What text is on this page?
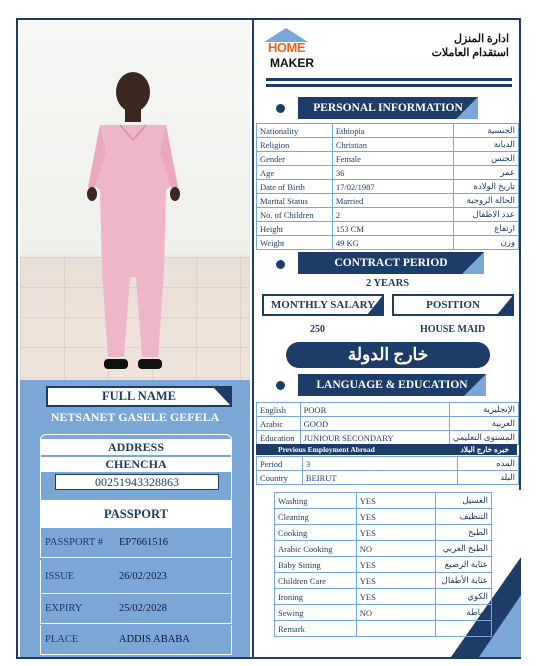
FULL NAME
NETSANET GASELE GEFELA
ADDRESS
CHENCHA
00251943328863
PASSPORT
PASSPORT # EP7661516
ISSUE	26/02/2023
EXPIRY	25/02/2028
PLACE	ADDIS ABABA
HOME
MAKER
ادارة المنزل
استقدام العاملات
PERSONAL INFORMATION
Nationality	Ethiopia	الجنسية
Religion	Christian	الديانة
Gender	Female	الجنس
Age	36	عمر
Date of Birth	17/02/1987	تاريخ الولادة
Marital Status	Married	الحالة الزوجية
No. of Children	2	عدد الاطفال
Height	153 CM	ارتفاع
Weight	49 KG	وزن
CONTRACT PERIOD
2 YEARS
MONTHLY SALARY	POSITION
250	HOUSE MAID
خارج الدولة
LANGUAGE & EDUCATION
English	POOR	الإنجليزية
Arabic	GOOD	العربية
Education	JUNIOUR SECONDARY	المستوى التعليمي
Previous Employment Abroad	خبره خارج البلاد
Period	3	المده
Country	BEIRUT	البلد
Washing	YES	الغسيل
Cleaning	YES	التنظيف
Cooking	YES	الطبخ
Arabic Cooking	NO	الطبخ العربي
Baby Sitting	YES	عناية الرضيع
Children Care	YES	عناية الأطفال
Ironing	YES	الكوي
Sewing	NO	خياطة
Remark		
